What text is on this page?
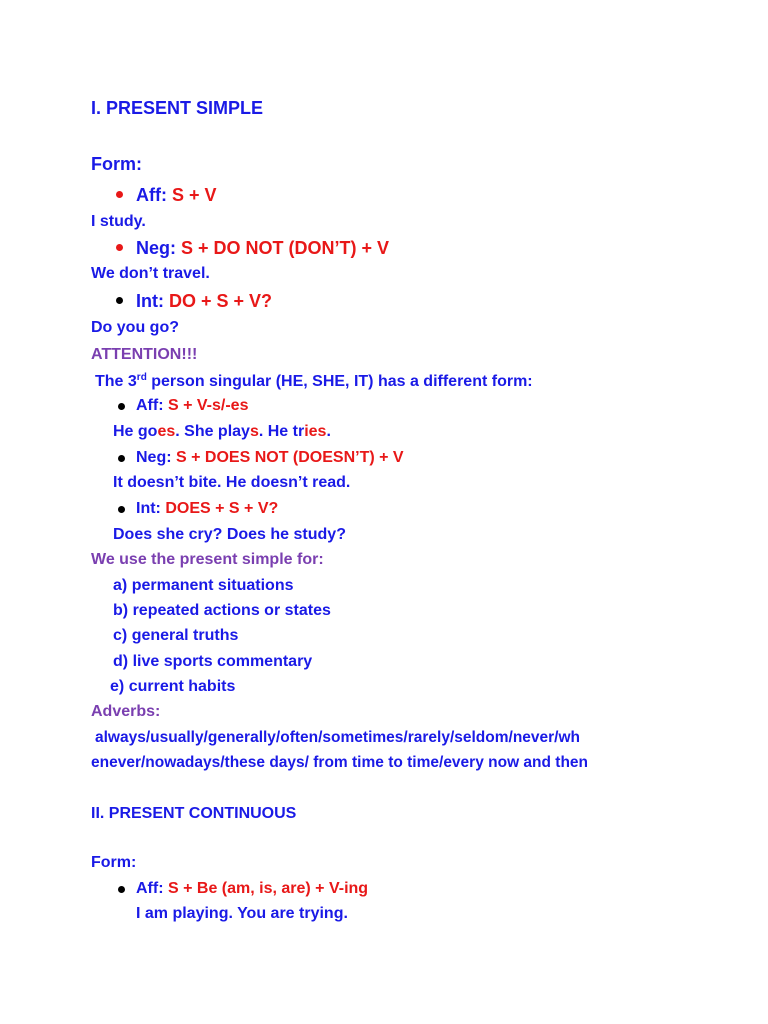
I. PRESENT SIMPLE
Form:
Aff: S + V
I study.
Neg: S + DO NOT (DON’T) + V
We don’t travel.
Int: DO + S + V?
Do you go?
ATTENTION!!!
The 3rd person singular (HE, SHE, IT) has a different form:
Aff: S + V-s/-es
He goes. She plays. He tries.
Neg: S + DOES NOT (DOESN’T) + V
It doesn’t bite. He doesn’t read.
Int: DOES + S + V?
Does she cry? Does he study?
We use the present simple for:
a) permanent situations
b) repeated actions or states
c) general truths
d) live sports commentary
e) current habits
Adverbs:
always/usually/generally/often/sometimes/rarely/seldom/never/wh
enever/nowadays/these days/ from time to time/every now and then
II. PRESENT CONTINUOUS
Form:
Aff: S + Be (am, is, are) + V-ing
I am playing. You are trying.
